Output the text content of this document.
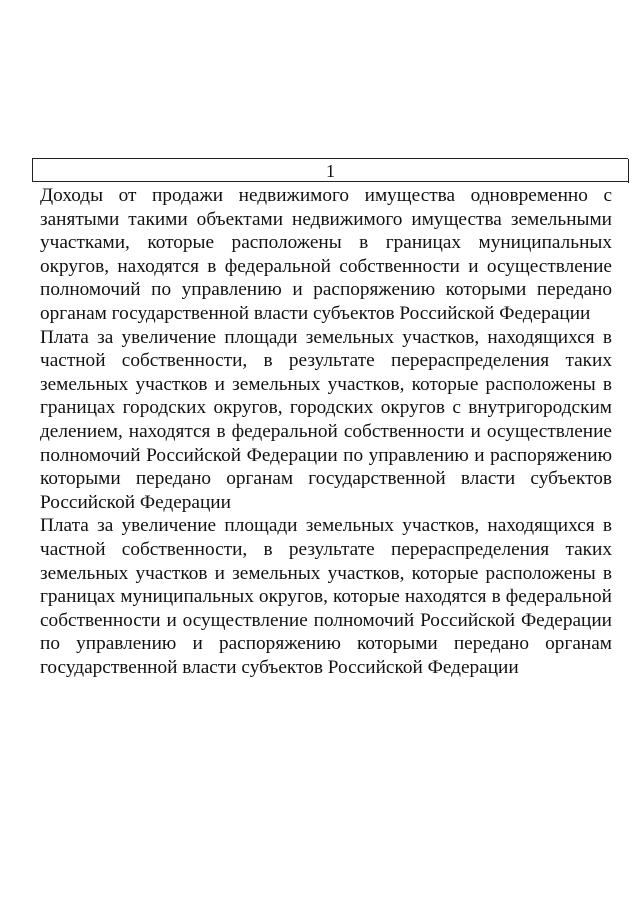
1

Доходы от продажи недвижимого имущества одновременно с занятыми такими объектами недвижимого имущества земельными участками, которые расположены в границах муниципальных округов, находятся в федеральной собственности и осуществление полномочий по управлению и распоряжению которыми передано органам государственной власти субъектов Российской Федерации

Плата за увеличение площади земельных участков, находящихся в частной собственности, в результате перераспределения таких земельных участков и земельных участков, которые расположены в границах городских округов, городских округов с внутригородским делением, находятся в федеральной собственности и осуществление полномочий Российской Федерации по управлению и распоряжению которыми передано органам государственной власти субъектов Российской Федерации

Плата за увеличение площади земельных участков, находящихся в частной собственности, в результате перераспределения таких земельных участков и земельных участков, которые расположены в границах муниципальных округов, которые находятся в федеральной собственности и осуществление полномочий Российской Федерации по управлению и распоряжению которыми передано органам государственной власти субъектов Российской Федерации
